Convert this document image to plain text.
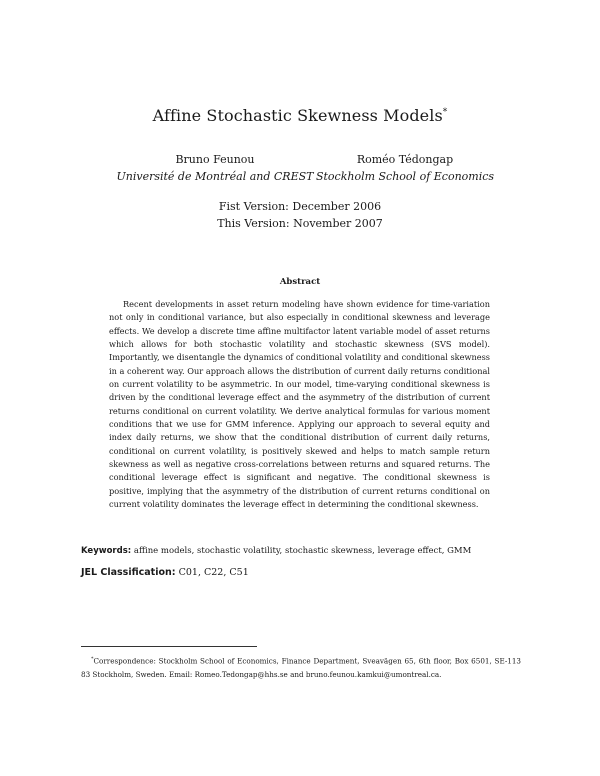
Affine Stochastic Skewness Models*
Bruno Feunou
Université de Montréal and CREST
Roméo Tédongap
Stockholm School of Economics
Fist Version: December 2006
This Version: November 2007
Abstract
Recent developments in asset return modeling have shown evidence for time-variation not only in conditional variance, but also especially in conditional skewness and leverage effects. We develop a discrete time affine multifactor latent variable model of asset returns which allows for both stochastic volatility and stochastic skewness (SVS model). Importantly, we disentangle the dynamics of conditional volatility and conditional skewness in a coherent way. Our approach allows the distribution of current daily returns conditional on current volatility to be asymmetric. In our model, time-varying conditional skewness is driven by the conditional leverage effect and the asymmetry of the distribution of current returns conditional on current volatility. We derive analytical formulas for various moment conditions that we use for GMM inference. Applying our approach to several equity and index daily returns, we show that the conditional distribution of current daily returns, conditional on current volatility, is positively skewed and helps to match sample return skewness as well as negative cross-correlations between returns and squared returns. The conditional leverage effect is significant and negative. The conditional skewness is positive, implying that the asymmetry of the distribution of current returns conditional on current volatility dominates the leverage effect in determining the conditional skewness.
Keywords: affine models, stochastic volatility, stochastic skewness, leverage effect, GMM
JEL Classification: C01, C22, C51
*Correspondence: Stockholm School of Economics, Finance Department, Sveavägen 65, 6th floor, Box 6501, SE-113 83 Stockholm, Sweden. Email: Romeo.Tedongap@hhs.se and bruno.feunou.kamkui@umontreal.ca.
